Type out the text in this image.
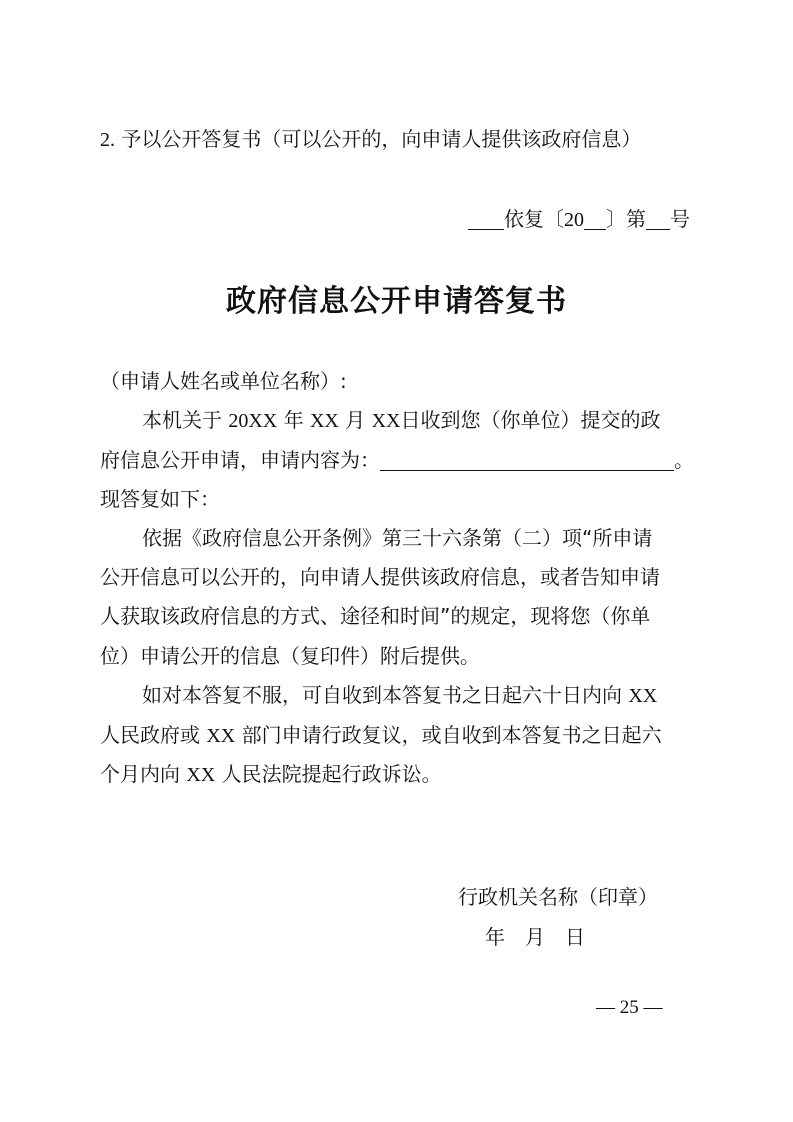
2. 予以公开答复书（可以公开的，向申请人提供该政府信息）
依复〔20 〕第 号
政府信息公开申请答复书
（申请人姓名或单位名称）:
本机关于 20XX 年 XX 月 XX日收到您（你单位）提交的政
府信息公开申请，申请内容为：	。
现答复如下：
依据《政府信息公开条例》第三十六条第（二）项“所申请
公开信息可以公开的，向申请人提供该政府信息，或者告知申请
人获取该政府信息的方式、途径和时间”的规定，现将您（你单
位）申请公开的信息（复印件）附后提供。
如对本答复不服，可自收到本答复书之日起六十日内向 XX
人民政府或 XX 部门申请行政复议，或自收到本答复书之日起六
个月内向 XX 人民法院提起行政诉讼。
行政机关名称（印章）
年　月　日
— 25 —
